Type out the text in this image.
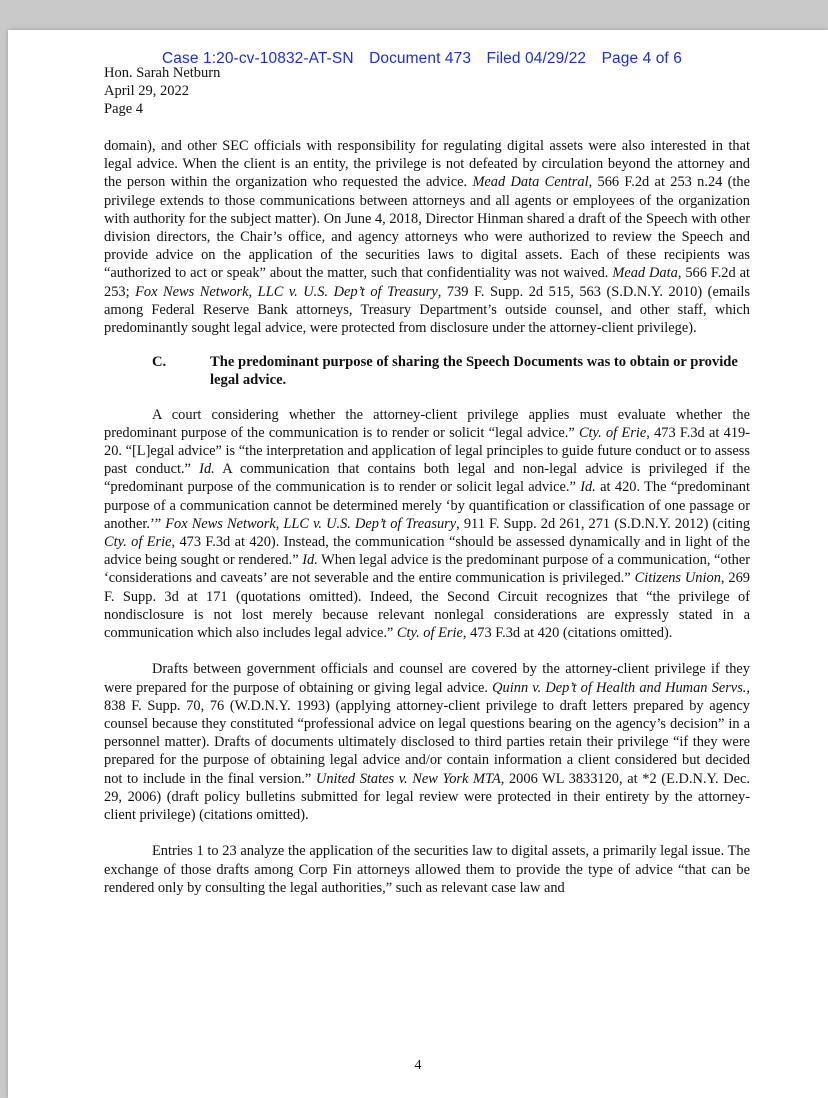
Case 1:20-cv-10832-AT-SN Document 473 Filed 04/29/22 Page 4 of 6
Hon. Sarah Netburn
April 29, 2022
Page 4

domain), and other SEC officials with responsibility for regulating digital assets were also interested in that legal advice. When the client is an entity, the privilege is not defeated by circulation beyond the attorney and the person within the organization who requested the advice. Mead Data Central, 566 F.2d at 253 n.24 (the privilege extends to those communications between attorneys and all agents or employees of the organization with authority for the subject matter). On June 4, 2018, Director Hinman shared a draft of the Speech with other division directors, the Chair’s office, and agency attorneys who were authorized to review the Speech and provide advice on the application of the securities laws to digital assets. Each of these recipients was “authorized to act or speak” about the matter, such that confidentiality was not waived. Mead Data, 566 F.2d at 253; Fox News Network, LLC v. U.S. Dep’t of Treasury, 739 F. Supp. 2d 515, 563 (S.D.N.Y. 2010) (emails among Federal Reserve Bank attorneys, Treasury Department’s outside counsel, and other staff, which predominantly sought legal advice, were protected from disclosure under the attorney-client privilege).

C.	The predominant purpose of sharing the Speech Documents was to obtain or provide legal advice.

A court considering whether the attorney-client privilege applies must evaluate whether the predominant purpose of the communication is to render or solicit “legal advice.” Cty. of Erie, 473 F.3d at 419-20. “[L]egal advice” is “the interpretation and application of legal principles to guide future conduct or to assess past conduct.” Id. A communication that contains both legal and non-legal advice is privileged if the “predominant purpose of the communication is to render or solicit legal advice.” Id. at 420. The “predominant purpose of a communication cannot be determined merely ‘by quantification or classification of one passage or another.’” Fox News Network, LLC v. U.S. Dep’t of Treasury, 911 F. Supp. 2d 261, 271 (S.D.N.Y. 2012) (citing Cty. of Erie, 473 F.3d at 420). Instead, the communication “should be assessed dynamically and in light of the advice being sought or rendered.” Id. When legal advice is the predominant purpose of a communication, “other ‘considerations and caveats’ are not severable and the entire communication is privileged.” Citizens Union, 269 F. Supp. 3d at 171 (quotations omitted). Indeed, the Second Circuit recognizes that “the privilege of nondisclosure is not lost merely because relevant nonlegal considerations are expressly stated in a communication which also includes legal advice.” Cty. of Erie, 473 F.3d at 420 (citations omitted).

Drafts between government officials and counsel are covered by the attorney-client privilege if they were prepared for the purpose of obtaining or giving legal advice. Quinn v. Dep’t of Health and Human Servs., 838 F. Supp. 70, 76 (W.D.N.Y. 1993) (applying attorney-client privilege to draft letters prepared by agency counsel because they constituted “professional advice on legal questions bearing on the agency’s decision” in a personnel matter). Drafts of documents ultimately disclosed to third parties retain their privilege “if they were prepared for the purpose of obtaining legal advice and/or contain information a client considered but decided not to include in the final version.” United States v. New York MTA, 2006 WL 3833120, at *2 (E.D.N.Y. Dec. 29, 2006) (draft policy bulletins submitted for legal review were protected in their entirety by the attorney-client privilege) (citations omitted).

Entries 1 to 23 analyze the application of the securities law to digital assets, a primarily legal issue. The exchange of those drafts among Corp Fin attorneys allowed them to provide the type of advice “that can be rendered only by consulting the legal authorities,” such as relevant case law and

4
